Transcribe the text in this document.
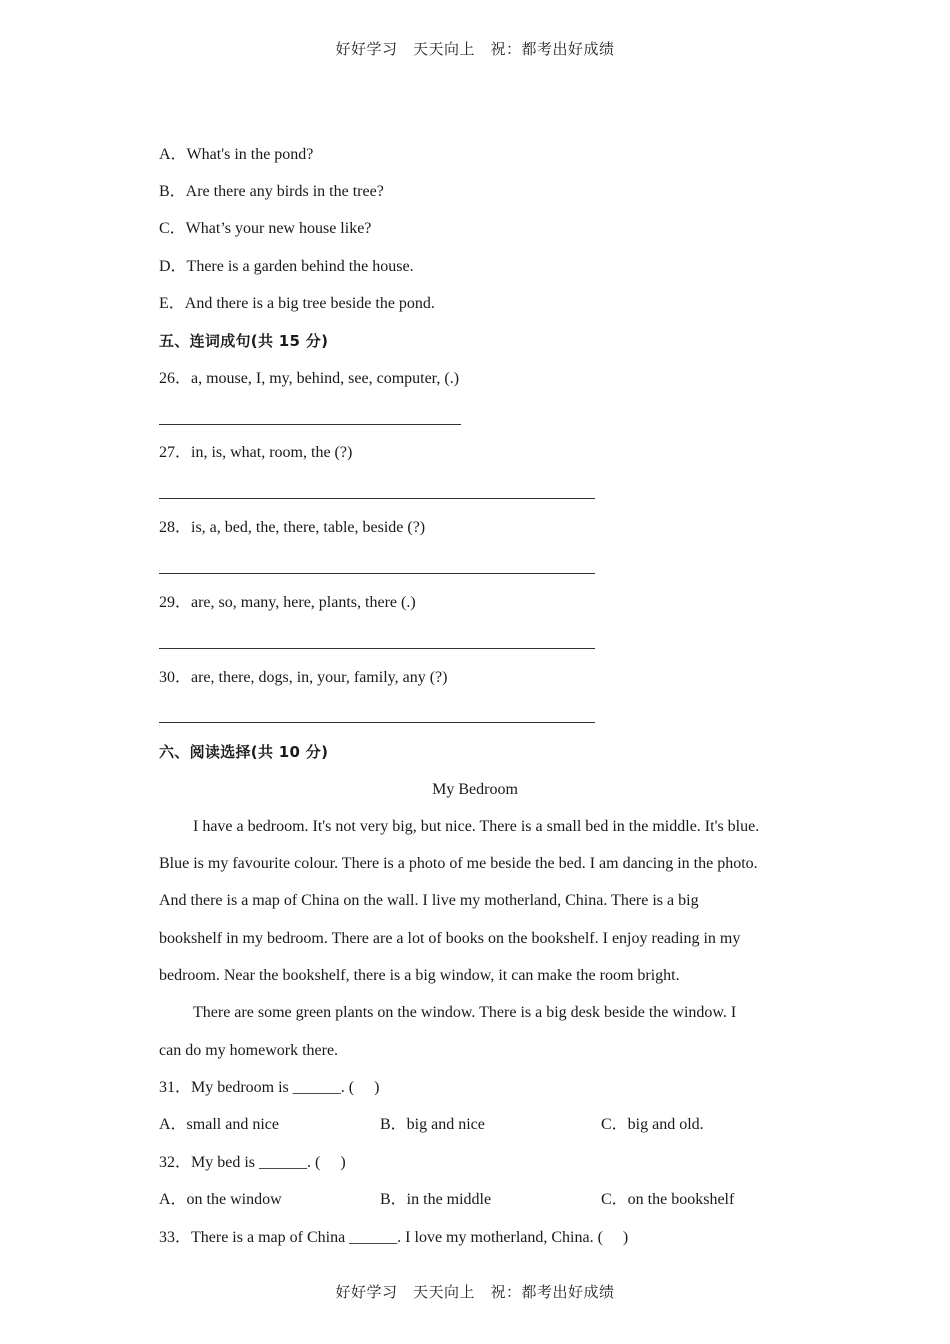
好好学习　天天向上　祝：都考出好成绩
A．What's in the pond?
B．Are there any birds in the tree?
C．What’s your new house like?
D．There is a garden behind the house.
E．And there is a big tree beside the pond.
五、连词成句(共 15 分)
26．a, mouse, I, my, behind, see, computer, (.)
27．in, is, what, room, the (?)
28．is, a, bed, the, there, table, beside (?)
29．are, so, many, here, plants, there (.)
30．are, there, dogs, in, your, family, any (?)
六、阅读选择(共 10 分)
My Bedroom
I have a bedroom. It's not very big, but nice. There is a small bed in the middle. It's blue.
Blue is my favourite colour. There is a photo of me beside the bed. I am dancing in the photo.
And there is a map of China on the wall. I live my motherland, China. There is a big
bookshelf in my bedroom. There are a lot of books on the bookshelf. I enjoy reading in my
bedroom. Near the bookshelf, there is a big window, it can make the room bright.
There are some green plants on the window. There is a big desk beside the window. I
can do my homework there.
31．My bedroom is ______. (　 )
A．small and nice	B．big and nice	C．big and old.
32．My bed is ______. (　 )
A．on the window	B．in the middle	C．on the bookshelf
33．There is a map of China ______. I love my motherland, China. (　 )
好好学习　天天向上　祝：都考出好成绩
